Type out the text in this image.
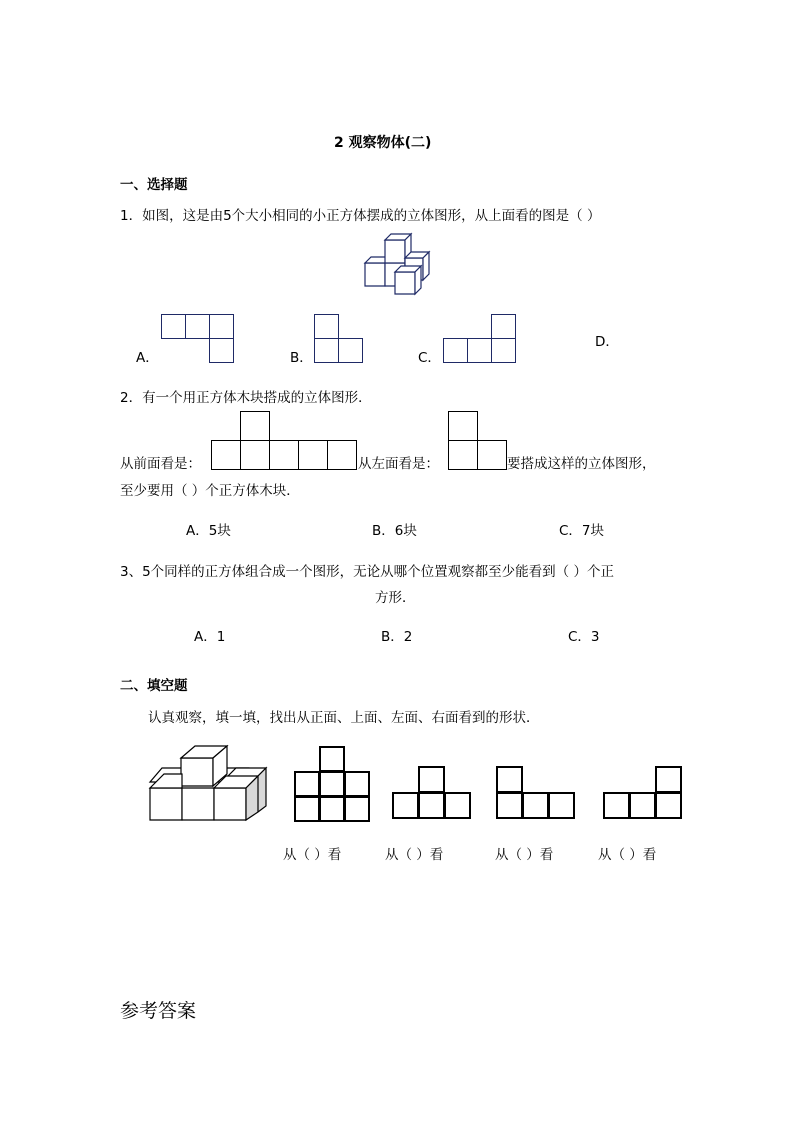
2 观察物体(二)
一、选择题
1．如图，这是由5个大小相同的小正方体摆成的立体图形，从上面看的图是（ ）
A．	B．	C．
D．
2．有一个用正方体木块搭成的立体图形．
从前面看是：	从左面看是：	要搭成这样的立体图形，
至少要用（ ）个正方体木块．
A．5块	B．6块	C．7块
3、5个同样的正方体组合成一个图形，无论从哪个位置观察都至少能看到（ ）个正
方形．
A．1	B．2	C．3
二、填空题
认真观察，填一填，找出从正面、上面、左面、右面看到的形状．
从（ ）看	从（ ）看	从（ ）看	从（ ）看
参考答案
